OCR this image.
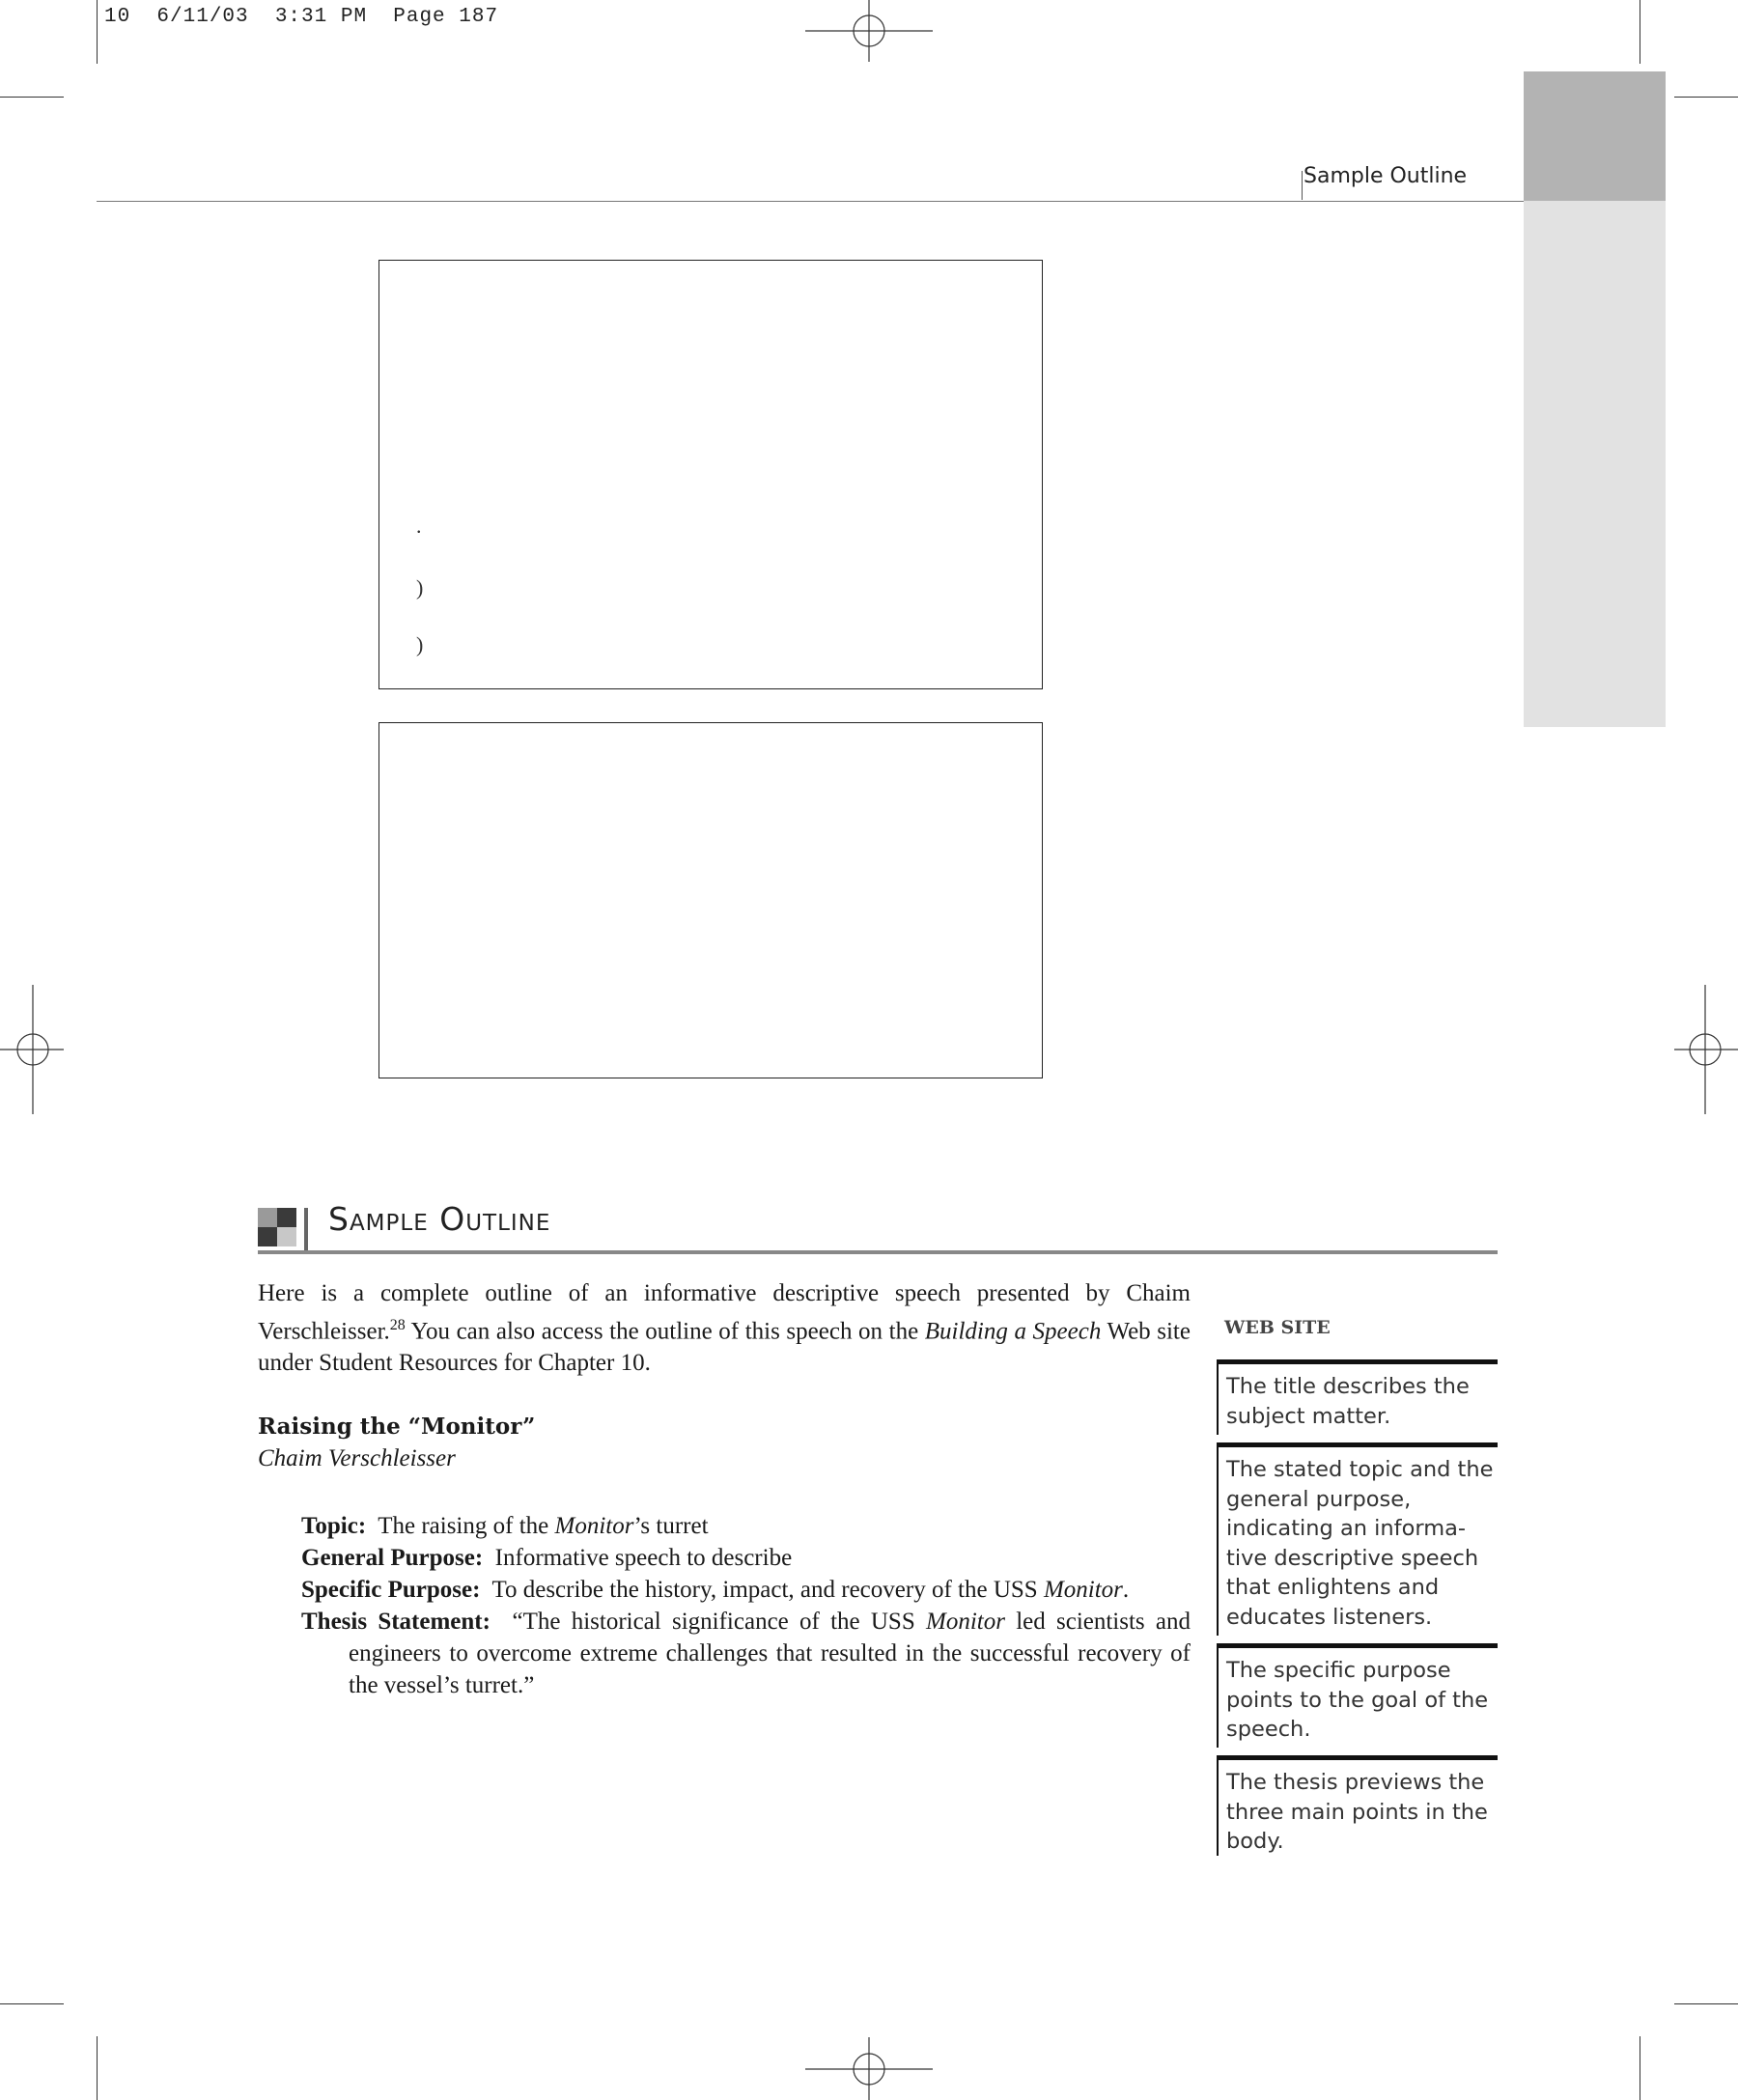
10  6/11/03  3:31 PM  Page 187
Sample Outline
.
)
)
Sample Outline
Here is a complete outline of an informative descriptive speech presented by Chaim Verschleisser.$^{28}$ You can also access the outline of this speech on the Building a Speech Web site under Student Resources for Chapter 10.
Raising the “Monitor”
Chaim Verschleisser
Topic: The raising of the Monitor’s turret
General Purpose: Informative speech to describe
Specific Purpose: To describe the history, impact, and recovery of the USS Monitor.
Thesis Statement: “The historical significance of the USS Monitor led scientists and engineers to overcome extreme challenges that resulted in the successful recovery of the vessel’s turret.”
WEB SITE
The title describes the subject matter.
The stated topic and the general purpose, indicating an informa-tive descriptive speech that enlightens and educates listeners.
The specific purpose points to the goal of the speech.
The thesis previews the three main points in the body.
